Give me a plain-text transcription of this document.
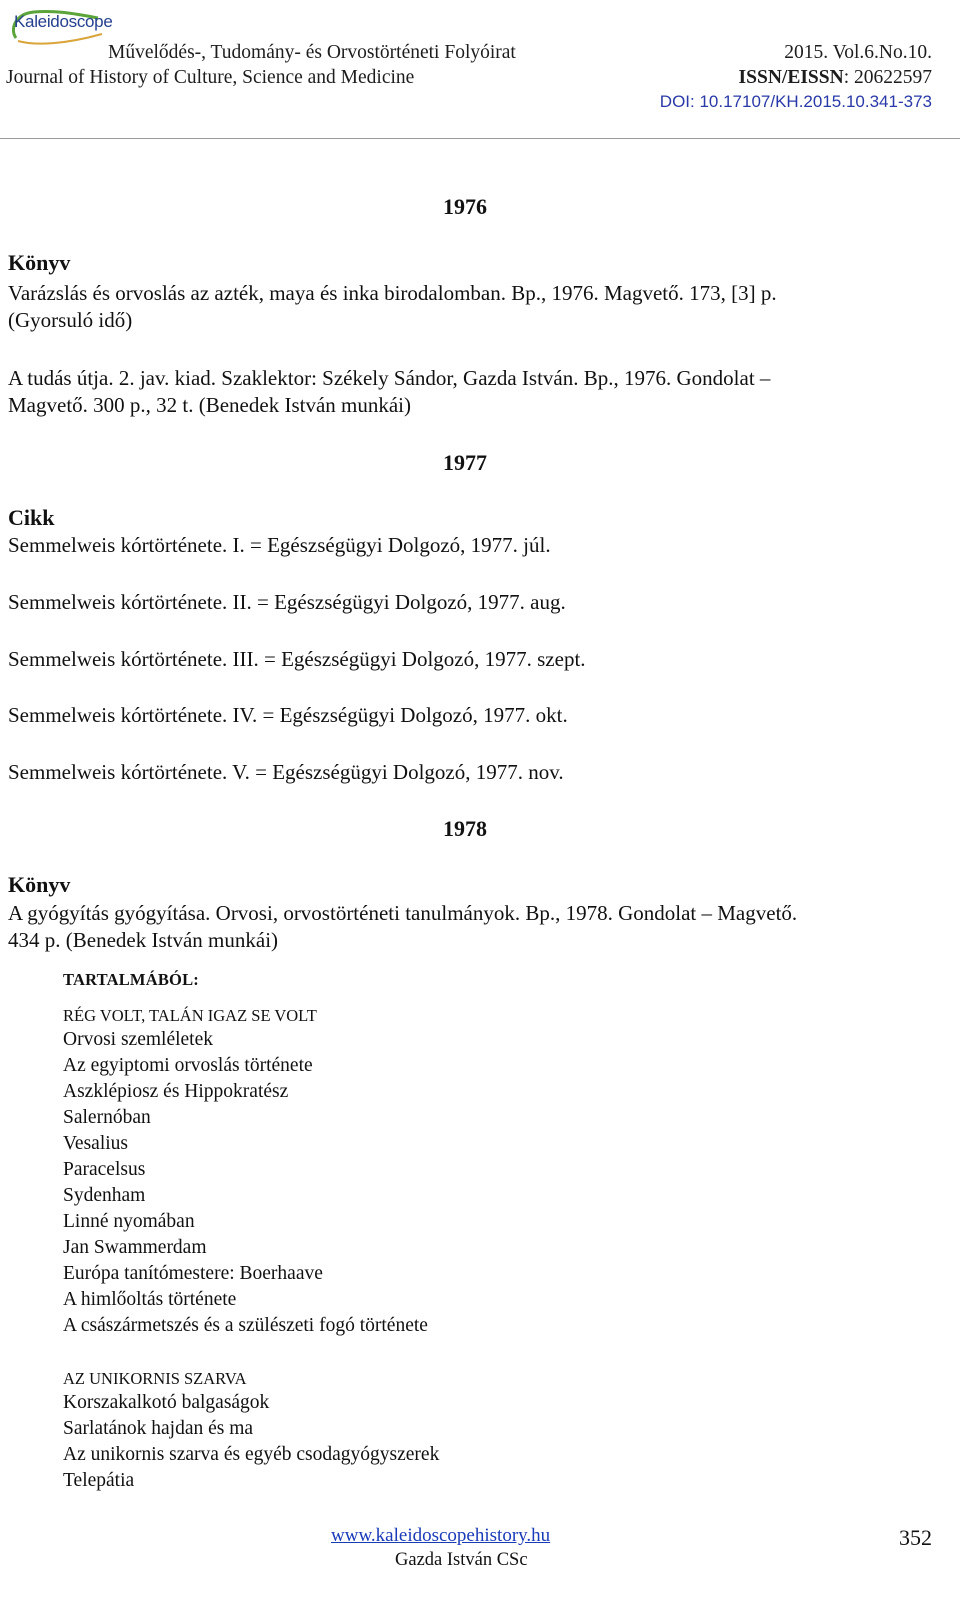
Kaleidoscope
Művelődés-, Tudomány- és Orvostörténeti Folyóirat
Journal of History of Culture, Science and Medicine
2015. Vol.6.No.10.
ISSN/EISSN: 20622597
DOI: 10.17107/KH.2015.10.341-373
1976
Könyv
Varázslás és orvoslás az azték, maya és inka birodalomban. Bp., 1976. Magvető. 173, [3] p.
(Gyorsuló idő)
A tudás útja. 2. jav. kiad. Szaklektor: Székely Sándor, Gazda István. Bp., 1976. Gondolat –
Magvető. 300 p., 32 t. (Benedek István munkái)
1977
Cikk
Semmelweis kórtörténete. I. = Egészségügyi Dolgozó, 1977. júl.
Semmelweis kórtörténete. II. = Egészségügyi Dolgozó, 1977. aug.
Semmelweis kórtörténete. III. = Egészségügyi Dolgozó, 1977. szept.
Semmelweis kórtörténete. IV. = Egészségügyi Dolgozó, 1977. okt.
Semmelweis kórtörténete. V. = Egészségügyi Dolgozó, 1977. nov.
1978
Könyv
A gyógyítás gyógyítása. Orvosi, orvostörténeti tanulmányok. Bp., 1978. Gondolat – Magvető.
434 p. (Benedek István munkái)
TARTALMÁBÓL:
RÉG VOLT, TALÁN IGAZ SE VOLT
Orvosi szemléletek
Az egyiptomi orvoslás története
Aszklépiosz és Hippokratész
Salernóban
Vesalius
Paracelsus
Sydenham
Linné nyomában
Jan Swammerdam
Európa tanítómestere: Boerhaave
A himlőoltás története
A császármetszés és a szülészeti fogó története
AZ UNIKORNIS SZARVA
Korszakalkotó balgaságok
Sarlatánok hajdan és ma
Az unikornis szarva és egyéb csodagyógyszerek
Telepátia
www.kaleidoscopehistory.hu
Gazda István CSc
352
